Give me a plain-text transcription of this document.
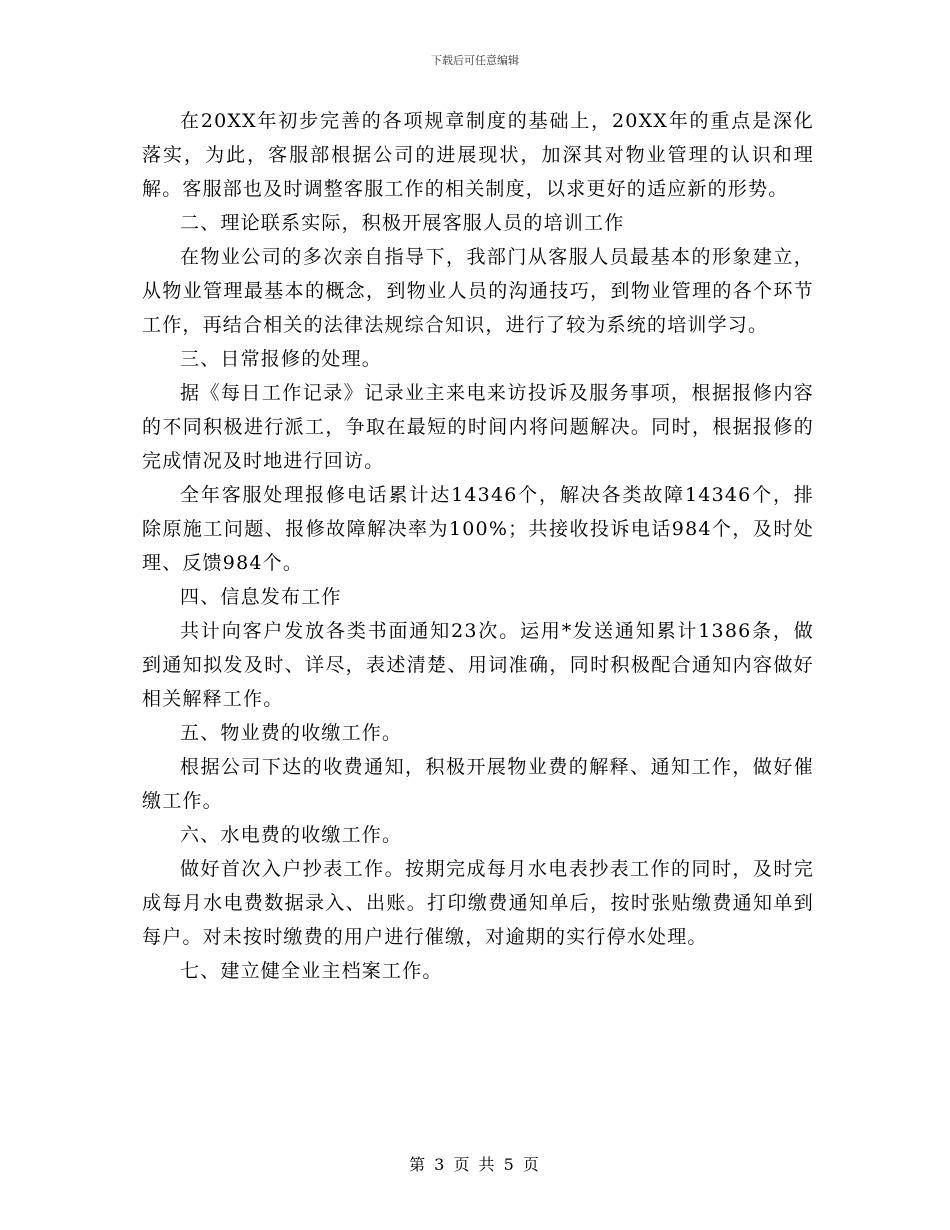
下载后可任意编辑

在20XX年初步完善的各项规章制度的基础上，20XX年的重点是深化落实，为此，客服部根据公司的进展现状，加深其对物业管理的认识和理解。客服部也及时调整客服工作的相关制度，以求更好的适应新的形势。

二、理论联系实际，积极开展客服人员的培训工作

在物业公司的多次亲自指导下，我部门从客服人员最基本的形象建立，从物业管理最基本的概念，到物业人员的沟通技巧，到物业管理的各个环节工作，再结合相关的法律法规综合知识，进行了较为系统的培训学习。

三、日常报修的处理。

据《每日工作记录》记录业主来电来访投诉及服务事项，根据报修内容的不同积极进行派工，争取在最短的时间内将问题解决。同时，根据报修的完成情况及时地进行回访。

全年客服处理报修电话累计达14346个，解决各类故障14346个，排除原施工问题、报修故障解决率为100%；共接收投诉电话984个，及时处理、反馈984个。

四、信息发布工作

共计向客户发放各类书面通知23次。运用*发送通知累计1386条，做到通知拟发及时、详尽，表述清楚、用词准确，同时积极配合通知内容做好相关解释工作。

五、物业费的收缴工作。

根据公司下达的收费通知，积极开展物业费的解释、通知工作，做好催缴工作。

六、水电费的收缴工作。

做好首次入户抄表工作。按期完成每月水电表抄表工作的同时，及时完成每月水电费数据录入、出账。打印缴费通知单后，按时张贴缴费通知单到每户。对未按时缴费的用户进行催缴，对逾期的实行停水处理。

七、建立健全业主档案工作。

第 3 页 共 5 页
